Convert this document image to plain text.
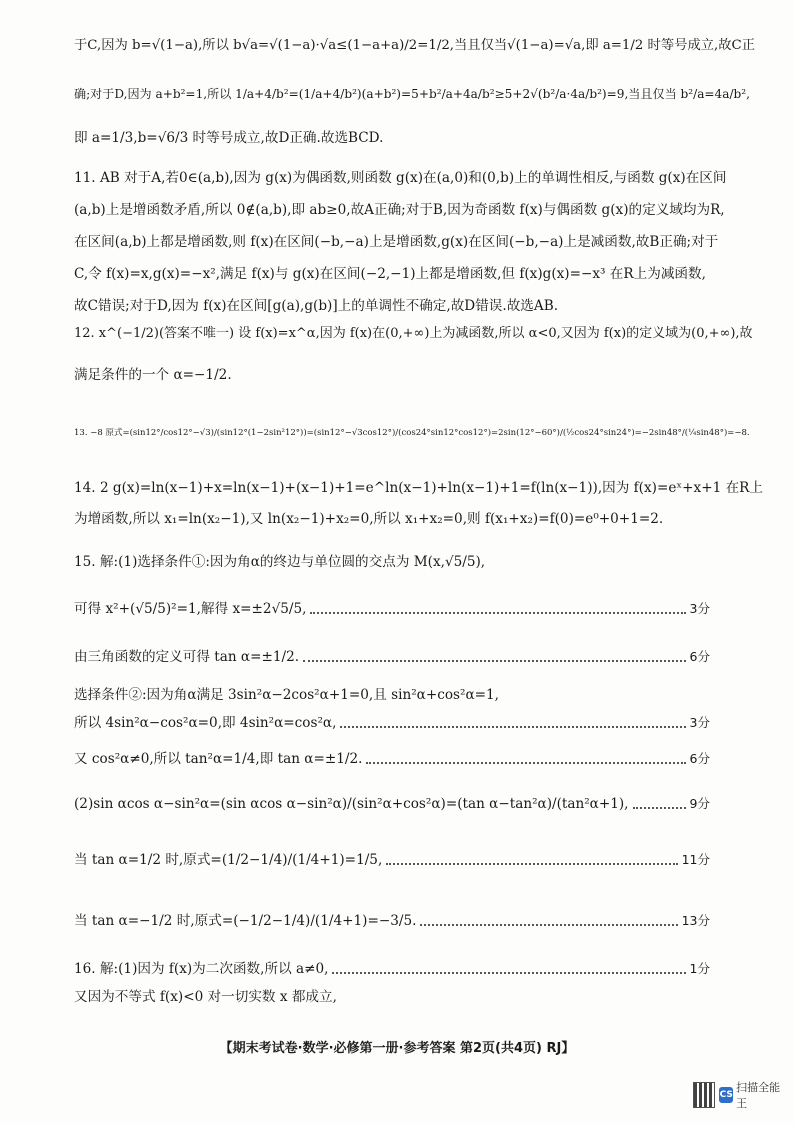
于C,因为 b=√(1−a),所以 b√a=√(1−a)·√a≤(1−a+a)/2=1/2,当且仅当√(1−a)=√a,即 a=1/2 时等号成立,故C正
确;对于D,因为 a+b²=1,所以 1/a+4/b²=(1/a+4/b²)(a+b²)=5+b²/a+4a/b²≥5+2√(b²/a·4a/b²)=9,当且仅当 b²/a=4a/b²,
即 a=1/3,b=√6/3 时等号成立,故D正确.故选BCD.
11. AB 对于A,若0∈(a,b),因为 g(x)为偶函数,则函数 g(x)在(a,0)和(0,b)上的单调性相反,与函数 g(x)在区间
(a,b)上是增函数矛盾,所以 0∉(a,b),即 ab≥0,故A正确;对于B,因为奇函数 f(x)与偶函数 g(x)的定义域均为R,
在区间(a,b)上都是增函数,则 f(x)在区间(−b,−a)上是增函数,g(x)在区间(−b,−a)上是减函数,故B正确;对于
C,令 f(x)=x,g(x)=−x²,满足 f(x)与 g(x)在区间(−2,−1)上都是增函数,但 f(x)g(x)=−x³ 在R上为减函数,
故C错误;对于D,因为 f(x)在区间[g(a),g(b)]上的单调性不确定,故D错误.故选AB.
12. x^(−1/2)(答案不唯一) 设 f(x)=x^α,因为 f(x)在(0,+∞)上为减函数,所以 α<0,又因为 f(x)的定义域为(0,+∞),故
满足条件的一个 α=−1/2.
13. −8 原式=(sin12°/cos12°−√3)/(sin12°(1−2sin²12°))=(sin12°−√3cos12°)/(cos24°sin12°cos12°)=2sin(12°−60°)/(½cos24°sin24°)=−2sin48°/(¼sin48°)=−8.
14. 2 g(x)=ln(x−1)+x=ln(x−1)+(x−1)+1=e^ln(x−1)+ln(x−1)+1=f(ln(x−1)),因为 f(x)=eˣ+x+1 在R上
为增函数,所以 x₁=ln(x₂−1),又 ln(x₂−1)+x₂=0,所以 x₁+x₂=0,则 f(x₁+x₂)=f(0)=e⁰+0+1=2.
15. 解:(1)选择条件①:因为角α的终边与单位圆的交点为 M(x,√5/5),
选择条件②:因为角α满足 3sin²α−2cos²α+1=0,且 sin²α+cos²α=1,
又因为不等式 f(x)<0 对一切实数 x 都成立,
可得 x²+(√5/5)²=1,解得 x=±2√5/5,	3分
由三角函数的定义可得 tan α=±1/2.	6分
所以 4sin²α−cos²α=0,即 4sin²α=cos²α,	3分
又 cos²α≠0,所以 tan²α=1/4,即 tan α=±1/2.	6分
(2)sin αcos α−sin²α=(sin αcos α−sin²α)/(sin²α+cos²α)=(tan α−tan²α)/(tan²α+1),	9分
当 tan α=1/2 时,原式=(1/2−1/4)/(1/4+1)=1/5,	11分
当 tan α=−1/2 时,原式=(−1/2−1/4)/(1/4+1)=−3/5.	13分
16. 解:(1)因为 f(x)为二次函数,所以 a≠0,	1分
【期末考试卷·数学·必修第一册·参考答案 第2页(共4页) RJ】
CS
扫描全能王
